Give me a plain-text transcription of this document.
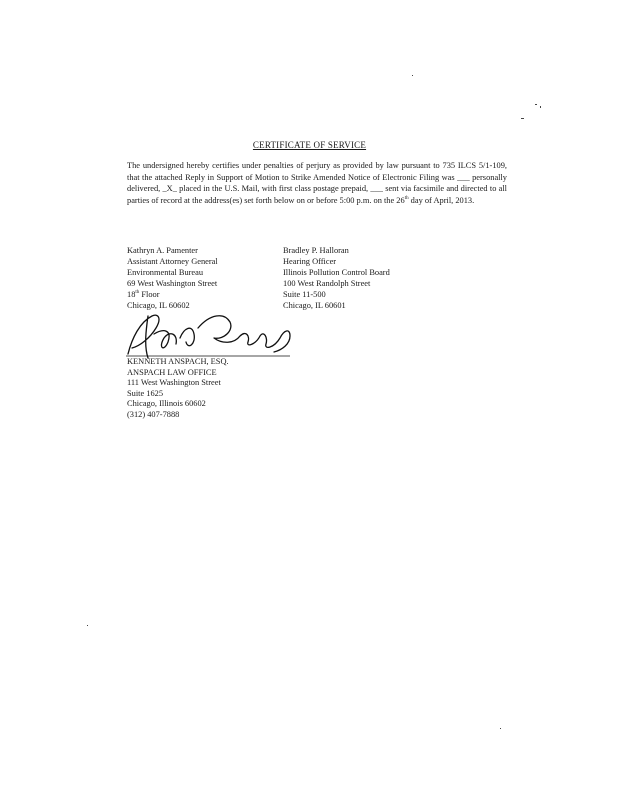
CERTIFICATE OF SERVICE
The undersigned hereby certifies under penalties of perjury as provided by law pursuant to 735 ILCS 5/1-109, that the attached Reply in Support of Motion to Strike Amended Notice of Electronic Filing was ___ personally delivered, _X_ placed in the U.S. Mail, with first class postage prepaid, ___ sent via facsimile and directed to all parties of record at the address(es) set forth below on or before 5:00 p.m. on the 26th day of April, 2013.
Kathryn A. Pamenter
Assistant Attorney General
Environmental Bureau
69 West Washington Street
18th Floor
Chicago, IL 60602
Bradley P. Halloran
Hearing Officer
Illinois Pollution Control Board
100 West Randolph Street
Suite 11-500
Chicago, IL 60601
KENNETH ANSPACH, ESQ.
ANSPACH LAW OFFICE
111 West Washington Street
Suite 1625
Chicago, Illinois 60602
(312) 407-7888
